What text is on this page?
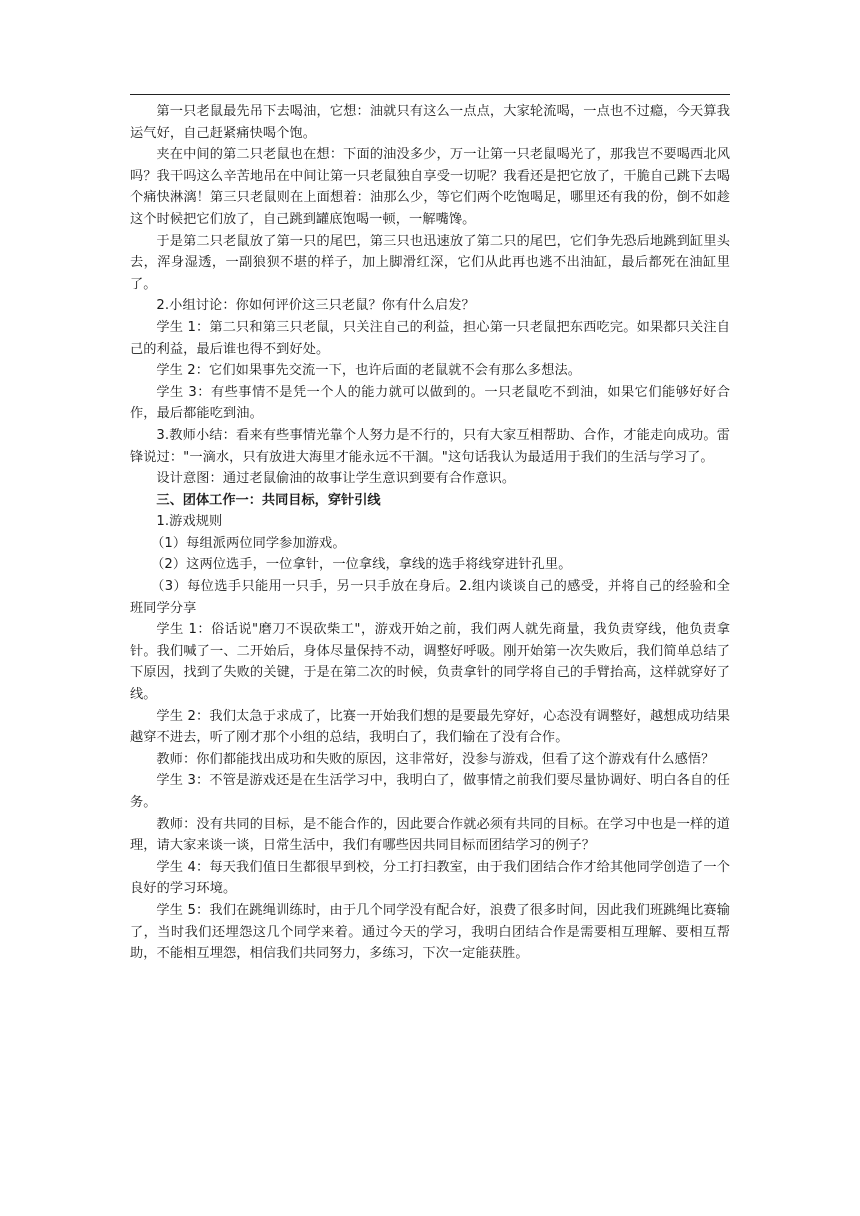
第一只老鼠最先吊下去喝油，它想：油就只有这么一点点，大家轮流喝，一点也不过瘾，今天算我运气好，自己赶紧痛快喝个饱。

夹在中间的第二只老鼠也在想：下面的油没多少，万一让第一只老鼠喝光了，那我岂不要喝西北风吗？我干吗这么辛苦地吊在中间让第一只老鼠独自享受一切呢？我看还是把它放了，干脆自己跳下去喝个痛快淋漓！第三只老鼠则在上面想着：油那么少，等它们两个吃饱喝足，哪里还有我的份，倒不如趁这个时候把它们放了，自己跳到罐底饱喝一顿，一解嘴馋。

于是第二只老鼠放了第一只的尾巴，第三只也迅速放了第二只的尾巴，它们争先恐后地跳到缸里头去，浑身湿透，一副狼狈不堪的样子，加上脚滑红深，它们从此再也逃不出油缸，最后都死在油缸里了。

2.小组讨论：你如何评价这三只老鼠？你有什么启发？

学生 1：第二只和第三只老鼠，只关注自己的利益，担心第一只老鼠把东西吃完。如果都只关注自己的利益，最后谁也得不到好处。

学生 2：它们如果事先交流一下，也许后面的老鼠就不会有那么多想法。

学生 3：有些事情不是凭一个人的能力就可以做到的。一只老鼠吃不到油，如果它们能够好好合作，最后都能吃到油。

3.教师小结：看来有些事情光靠个人努力是不行的，只有大家互相帮助、合作，才能走向成功。雷锋说过："一滴水，只有放进大海里才能永远不干涸。"这句话我认为最适用于我们的生活与学习了。

设计意图：通过老鼠偷油的故事让学生意识到要有合作意识。

三、团体工作一：共同目标，穿针引线

1.游戏规则

（1）每组派两位同学参加游戏。

（2）这两位选手，一位拿针，一位拿线，拿线的选手将线穿进针孔里。

（3）每位选手只能用一只手，另一只手放在身后。2.组内谈谈自己的感受，并将自己的经验和全班同学分享

学生 1：俗话说"磨刀不误砍柴工"，游戏开始之前，我们两人就先商量，我负责穿线，他负责拿针。我们喊了一、二开始后，身体尽量保持不动，调整好呼吸。刚开始第一次失败后，我们简单总结了下原因，找到了失败的关键，于是在第二次的时候，负责拿针的同学将自己的手臂抬高，这样就穿好了线。

学生 2：我们太急于求成了，比赛一开始我们想的是要最先穿好，心态没有调整好，越想成功结果越穿不进去，听了刚才那个小组的总结，我明白了，我们输在了没有合作。

教师：你们都能找出成功和失败的原因，这非常好，没参与游戏，但看了这个游戏有什么感悟？

学生 3：不管是游戏还是在生活学习中，我明白了，做事情之前我们要尽量协调好、明白各自的任务。

教师：没有共同的目标，是不能合作的，因此要合作就必须有共同的目标。在学习中也是一样的道理，请大家来谈一谈，日常生活中，我们有哪些因共同目标而团结学习的例子？

学生 4：每天我们值日生都很早到校，分工打扫教室，由于我们团结合作才给其他同学创造了一个良好的学习环境。

学生 5：我们在跳绳训练时，由于几个同学没有配合好，浪费了很多时间，因此我们班跳绳比赛输了，当时我们还埋怨这几个同学来着。通过今天的学习，我明白团结合作是需要相互理解、要相互帮助，不能相互埋怨，相信我们共同努力，多练习，下次一定能获胜。
